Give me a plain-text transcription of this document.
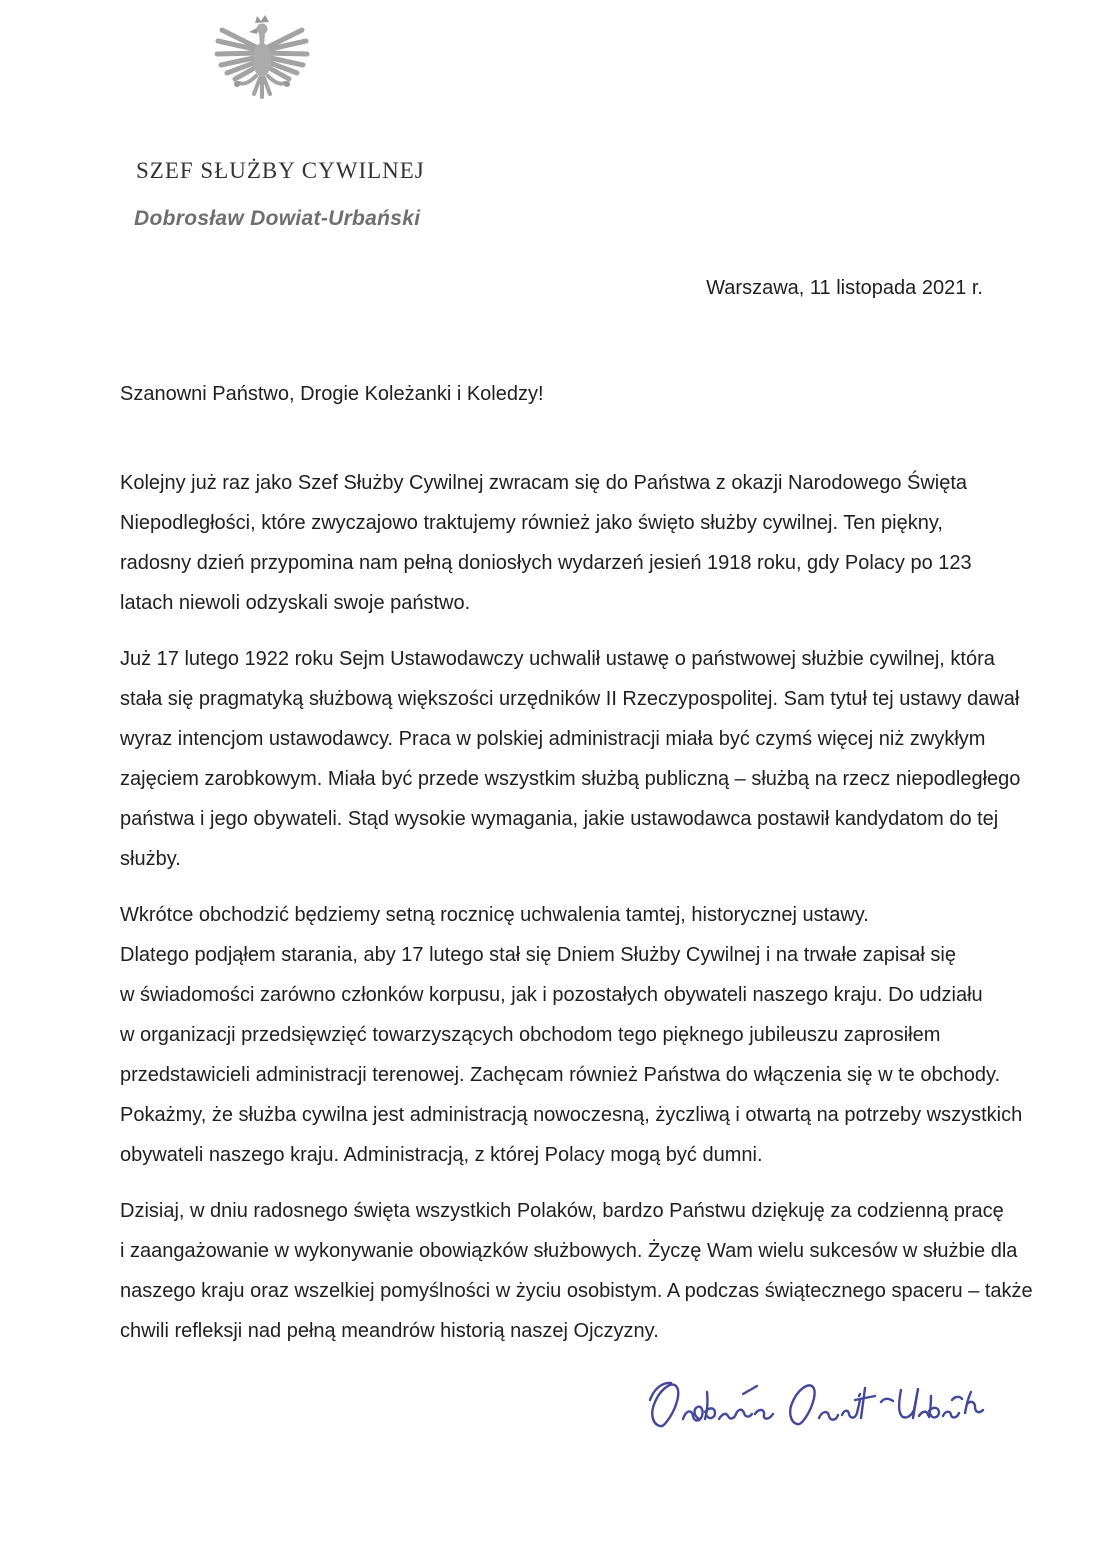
SZEF SŁUŻBY CYWILNEJ
Dobrosław Dowiat-Urbański
Warszawa, 11 listopada 2021 r.
Szanowni Państwo, Drogie Koleżanki i Koledzy!
Kolejny już raz jako Szef Służby Cywilnej zwracam się do Państwa z okazji Narodowego Święta
Niepodległości, które zwyczajowo traktujemy również jako święto służby cywilnej. Ten piękny,
radosny dzień przypomina nam pełną doniosłych wydarzeń jesień 1918 roku, gdy Polacy po 123
latach niewoli odzyskali swoje państwo.
Już 17 lutego 1922 roku Sejm Ustawodawczy uchwalił ustawę o państwowej służbie cywilnej, która
stała się pragmatyką służbową większości urzędników II Rzeczypospolitej. Sam tytuł tej ustawy dawał
wyraz intencjom ustawodawcy. Praca w polskiej administracji miała być czymś więcej niż zwykłym
zajęciem zarobkowym. Miała być przede wszystkim służbą publiczną – służbą na rzecz niepodległego
państwa i jego obywateli. Stąd wysokie wymagania, jakie ustawodawca postawił kandydatom do tej
służby.
Wkrótce obchodzić będziemy setną rocznicę uchwalenia tamtej, historycznej ustawy.
Dlatego podjąłem starania, aby 17 lutego stał się Dniem Służby Cywilnej i na trwałe zapisał się
w świadomości zarówno członków korpusu, jak i pozostałych obywateli naszego kraju. Do udziału
w organizacji przedsięwzięć towarzyszących obchodom tego pięknego jubileuszu zaprosiłem
przedstawicieli administracji terenowej. Zachęcam również Państwa do włączenia się w te obchody.
Pokażmy, że służba cywilna jest administracją nowoczesną, życzliwą i otwartą na potrzeby wszystkich
obywateli naszego kraju. Administracją, z której Polacy mogą być dumni.
Dzisiaj, w dniu radosnego święta wszystkich Polaków, bardzo Państwu dziękuję za codzienną pracę
i zaangażowanie w wykonywanie obowiązków służbowych. Życzę Wam wielu sukcesów w służbie dla
naszego kraju oraz wszelkiej pomyślności w życiu osobistym. A podczas świątecznego spaceru – także
chwili refleksji nad pełną meandrów historią naszej Ojczyzny.
